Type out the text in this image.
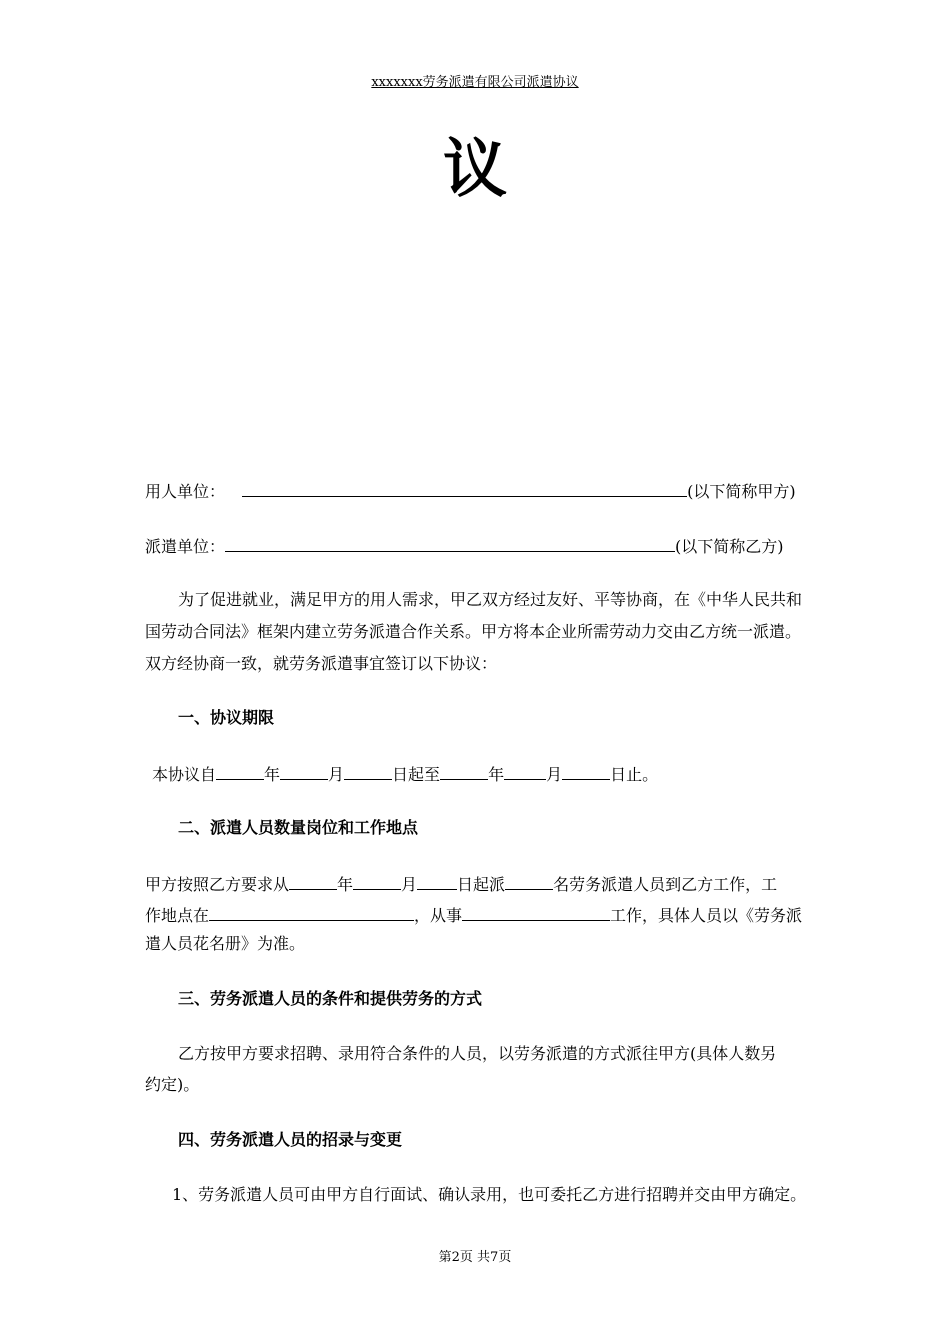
xxxxxxx劳务派遣有限公司派遣协议
议
用人单位：	(以下简称甲方)
派遣单位：	(以下简称乙方)
为了促进就业，满足甲方的用人需求，甲乙双方经过友好、平等协商，在《中华人民共和
国劳动合同法》框架内建立劳务派遣合作关系。甲方将本企业所需劳动力交由乙方统一派遣。
双方经协商一致，就劳务派遣事宜签订以下协议：
一、协议期限
本协议自	年	月	日起至	年	月	日止。
二、派遣人员数量岗位和工作地点
甲方按照乙方要求从	年	月	日起派	名劳务派遣人员到乙方工作，工
作地点在	，从事	工作，具体人员以《劳务派
遣人员花名册》为准。
三、劳务派遣人员的条件和提供劳务的方式
乙方按甲方要求招聘、录用符合条件的人员，以劳务派遣的方式派往甲方(具体人数另
约定)。
四、劳务派遣人员的招录与变更
1、劳务派遣人员可由甲方自行面试、确认录用，也可委托乙方进行招聘并交由甲方确定。
第2页 共7页
